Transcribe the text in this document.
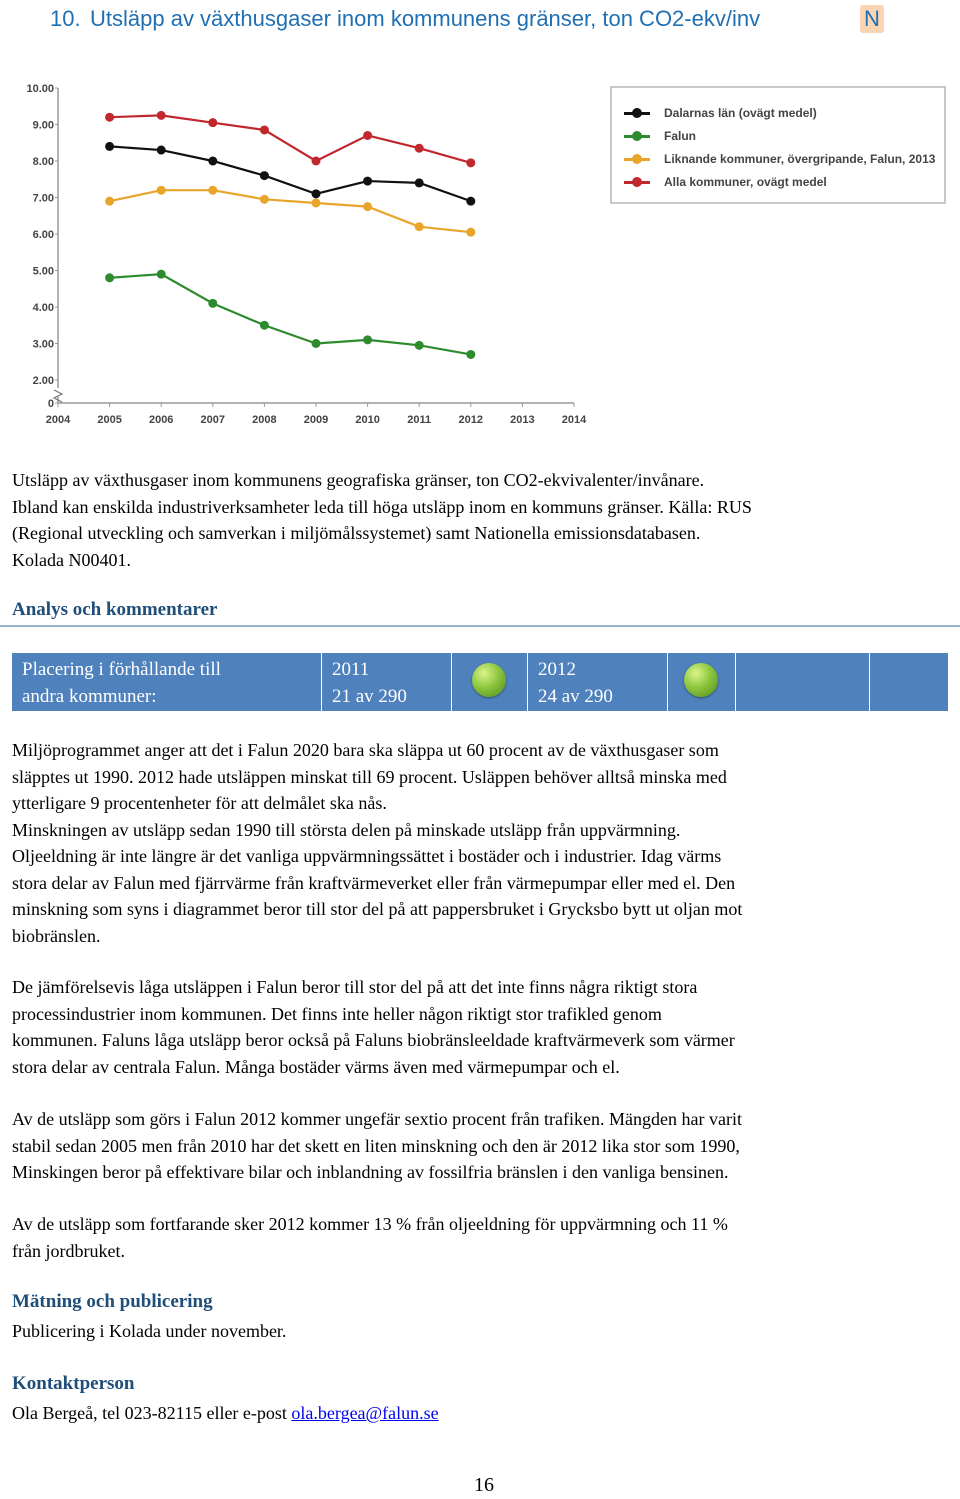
10. Utsläpp av växthusgaser inom kommunens gränser, ton CO2-ekv/inv	N
0
2.00
3.00
4.00
5.00
6.00
7.00
8.00
9.00
10.00
2004 2005 2006 2007 2008 2009 2010 2011 2012 2013 2014
Dalarnas län (ovägt medel)
Falun
Liknande kommuner, övergripande, Falun, 2013
Alla kommuner, ovägt medel
Utsläpp av växthusgaser inom kommunens geografiska gränser, ton CO2-ekvivalenter/invånare.
Ibland kan enskilda industriverksamheter leda till höga utsläpp inom en kommuns gränser. Källa: RUS
(Regional utveckling och samverkan i miljömålssystemet) samt Nationella emissionsdatabasen.
Kolada N00401.
Analys och kommentarer
Placering i förhållande till
andra kommuner:
2011
21 av 290
2012
24 av 290
Miljöprogrammet anger att det i Falun 2020 bara ska släppa ut 60 procent av de växthusgaser som
släpptes ut 1990. 2012 hade utsläppen minskat till 69 procent. Usläppen behöver alltså minska med
ytterligare 9 procentenheter för att delmålet ska nås.
Minskningen av utsläpp sedan 1990 till största delen på minskade utsläpp från uppvärmning.
Oljeeldning är inte längre är det vanliga uppvärmningssättet i bostäder och i industrier. Idag värms
stora delar av Falun med fjärrvärme från kraftvärmeverket eller från värmepumpar eller med el. Den
minskning som syns i diagrammet beror till stor del på att pappersbruket i Grycksbo bytt ut oljan mot
biobränslen.
De jämförelsevis låga utsläppen i Falun beror till stor del på att det inte finns några riktigt stora
processindustrier inom kommunen. Det finns inte heller någon riktigt stor trafikled genom
kommunen. Faluns låga utsläpp beror också på Faluns biobränsleeldade kraftvärmeverk som värmer
stora delar av centrala Falun. Många bostäder värms även med värmepumpar och el.
Av de utsläpp som görs i Falun 2012 kommer ungefär sextio procent från trafiken. Mängden har varit
stabil sedan 2005 men från 2010 har det skett en liten minskning och den är 2012 lika stor som 1990,
Minskingen beror på effektivare bilar och inblandning av fossilfria bränslen i den vanliga bensinen.
Av de utsläpp som fortfarande sker 2012 kommer 13 % från oljeeldning för uppvärmning och 11 %
från jordbruket.
Mätning och publicering
Publicering i Kolada under november.
Kontaktperson
Ola Bergeå, tel 023-82115 eller e-post ola.bergea@falun.se
16
